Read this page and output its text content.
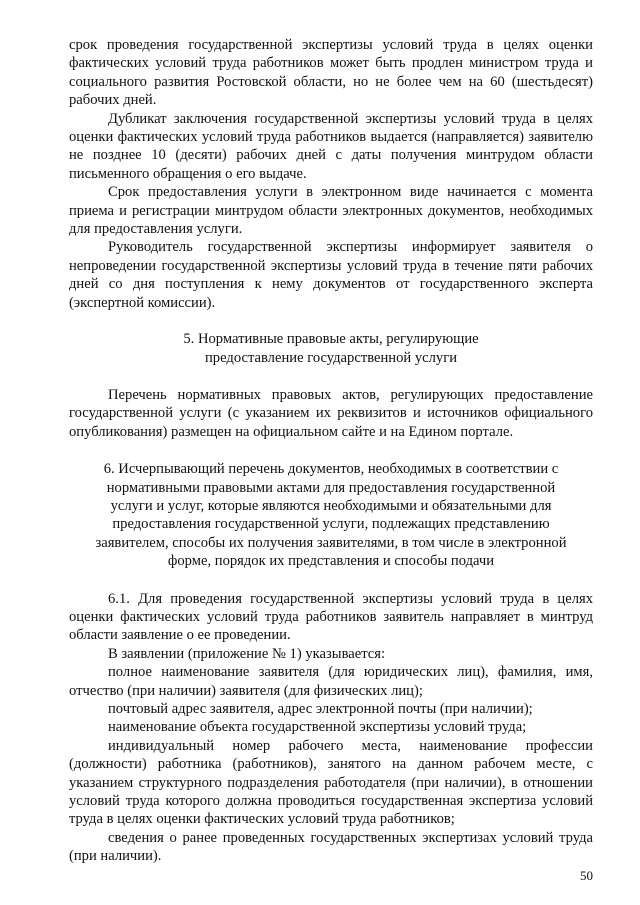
срок проведения государственной экспертизы условий труда в целях оценки фактических условий труда работников может быть продлен министром труда и социального развития Ростовской области, но не более чем на 60 (шестьдесят) рабочих дней.

Дубликат заключения государственной экспертизы условий труда в целях оценки фактических условий труда работников выдается (направляется) заявителю не позднее 10 (десяти) рабочих дней с даты получения минтрудом области письменного обращения о его выдаче.

Срок предоставления услуги в электронном виде начинается с момента приема и регистрации минтрудом области электронных документов, необходимых для предоставления услуги.

Руководитель государственной экспертизы информирует заявителя о непроведении государственной экспертизы условий труда в течение пяти рабочих дней со дня поступления к нему документов от государственного эксперта (экспертной комиссии).

5. Нормативные правовые акты, регулирующие предоставление государственной услуги

Перечень нормативных правовых актов, регулирующих предоставление государственной услуги (с указанием их реквизитов и источников официального опубликования) размещен на официальном сайте и на Едином портале.

6. Исчерпывающий перечень документов, необходимых в соответствии с нормативными правовыми актами для предоставления государственной услуги и услуг, которые являются необходимыми и обязательными для предоставления государственной услуги, подлежащих представлению заявителем, способы их получения заявителями, в том числе в электронной форме, порядок их представления и способы подачи

6.1. Для проведения государственной экспертизы условий труда в целях оценки фактических условий труда работников заявитель направляет в минтруд области заявление о ее проведении.

В заявлении (приложение № 1) указывается:

полное наименование заявителя (для юридических лиц), фамилия, имя, отчество (при наличии) заявителя (для физических лиц);

почтовый адрес заявителя, адрес электронной почты (при наличии);

наименование объекта государственной экспертизы условий труда;

индивидуальный номер рабочего места, наименование профессии (должности) работника (работников), занятого на данном рабочем месте, с указанием структурного подразделения работодателя (при наличии), в отношении условий труда которого должна проводиться государственная экспертиза условий труда в целях оценки фактических условий труда работников;

сведения о ранее проведенных государственных экспертизах условий труда (при наличии).

50
